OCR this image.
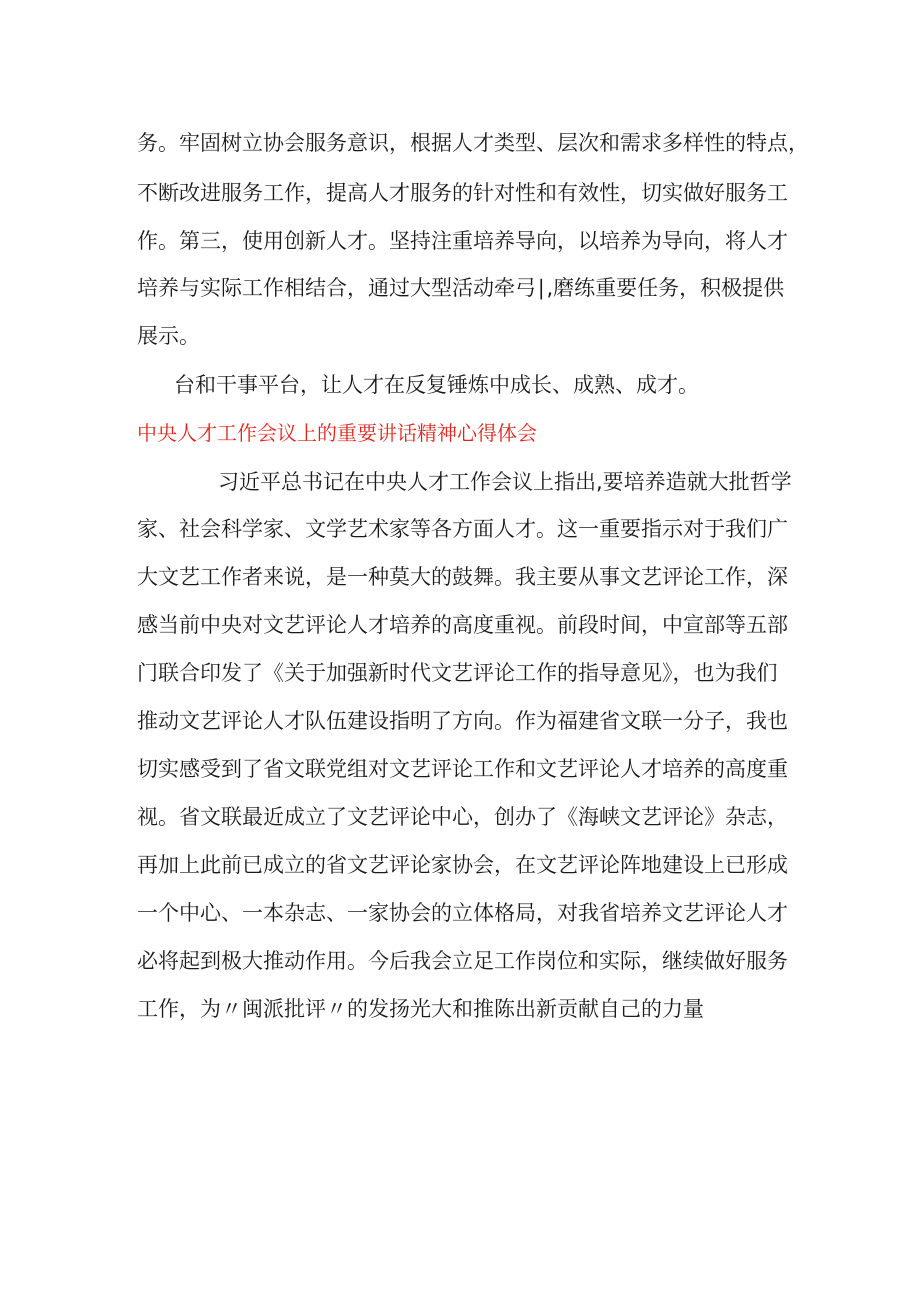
务。牢固树立协会服务意识，根据人才类型、层次和需求多样性的特点，
不断改进服务工作，提高人才服务的针对性和有效性，切实做好服务工
作。第三，使用创新人才。坚持注重培养导向，以培养为导向，将人才
培养与实际工作相结合，通过大型活动牵弓∣,磨练重要任务，积极提供
展示。
台和干事平台，让人才在反复锤炼中成长、成熟、成才。
中央人才工作会议上的重要讲话精神心得体会
习近平总书记在中央人才工作会议上指出,要培养造就大批哲学
家、社会科学家、文学艺术家等各方面人才。这一重要指示对于我们广
大文艺工作者来说，是一种莫大的鼓舞。我主要从事文艺评论工作，深
感当前中央对文艺评论人才培养的高度重视。前段时间，中宣部等五部
门联合印发了《关于加强新时代文艺评论工作的指导意见》，也为我们
推动文艺评论人才队伍建设指明了方向。作为福建省文联一分子，我也
切实感受到了省文联党组对文艺评论工作和文艺评论人才培养的高度重
视。省文联最近成立了文艺评论中心，创办了《海峡文艺评论》杂志，
再加上此前已成立的省文艺评论家协会，在文艺评论阵地建设上已形成
一个中心、一本杂志、一家协会的立体格局，对我省培养文艺评论人才
必将起到极大推动作用。今后我会立足工作岗位和实际，继续做好服务
工作，为〃闽派批评〃的发扬光大和推陈出新贡献自己的力量
